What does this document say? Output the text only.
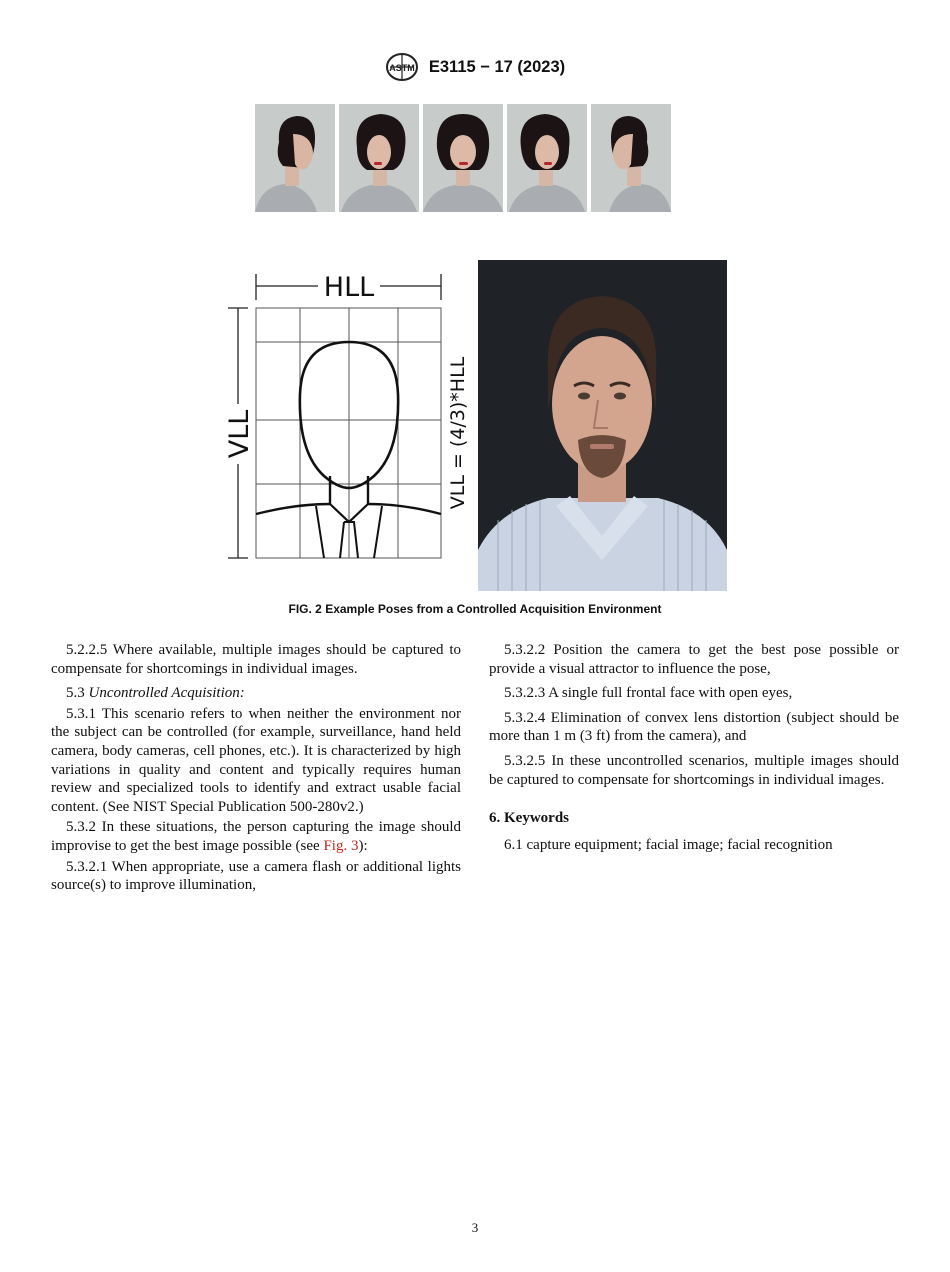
ASTM E3115 − 17 (2023)
HLL
VLL	VLL = (4/3)*HLL
FIG. 2 Example Poses from a Controlled Acquisition Environment

5.2.2.5 Where available, multiple images should be captured to compensate for shortcomings in individual images.

5.3 Uncontrolled Acquisition:

5.3.1 This scenario refers to when neither the environment nor the subject can be controlled (for example, surveillance, hand held camera, body cameras, cell phones, etc.). It is characterized by high variations in quality and content and typically requires human review and specialized tools to identify and extract usable facial content. (See NIST Special Publication 500-280v2.)

5.3.2 In these situations, the person capturing the image should improvise to get the best image possible (see Fig. 3):

5.3.2.1 When appropriate, use a camera flash or additional lights source(s) to improve illumination,

5.3.2.2 Position the camera to get the best pose possible or provide a visual attractor to influence the pose,

5.3.2.3 A single full frontal face with open eyes,

5.3.2.4 Elimination of convex lens distortion (subject should be more than 1 m (3 ft) from the camera), and

5.3.2.5 In these uncontrolled scenarios, multiple images should be captured to compensate for shortcomings in individual images.

6. Keywords

6.1 capture equipment; facial image; facial recognition

3
